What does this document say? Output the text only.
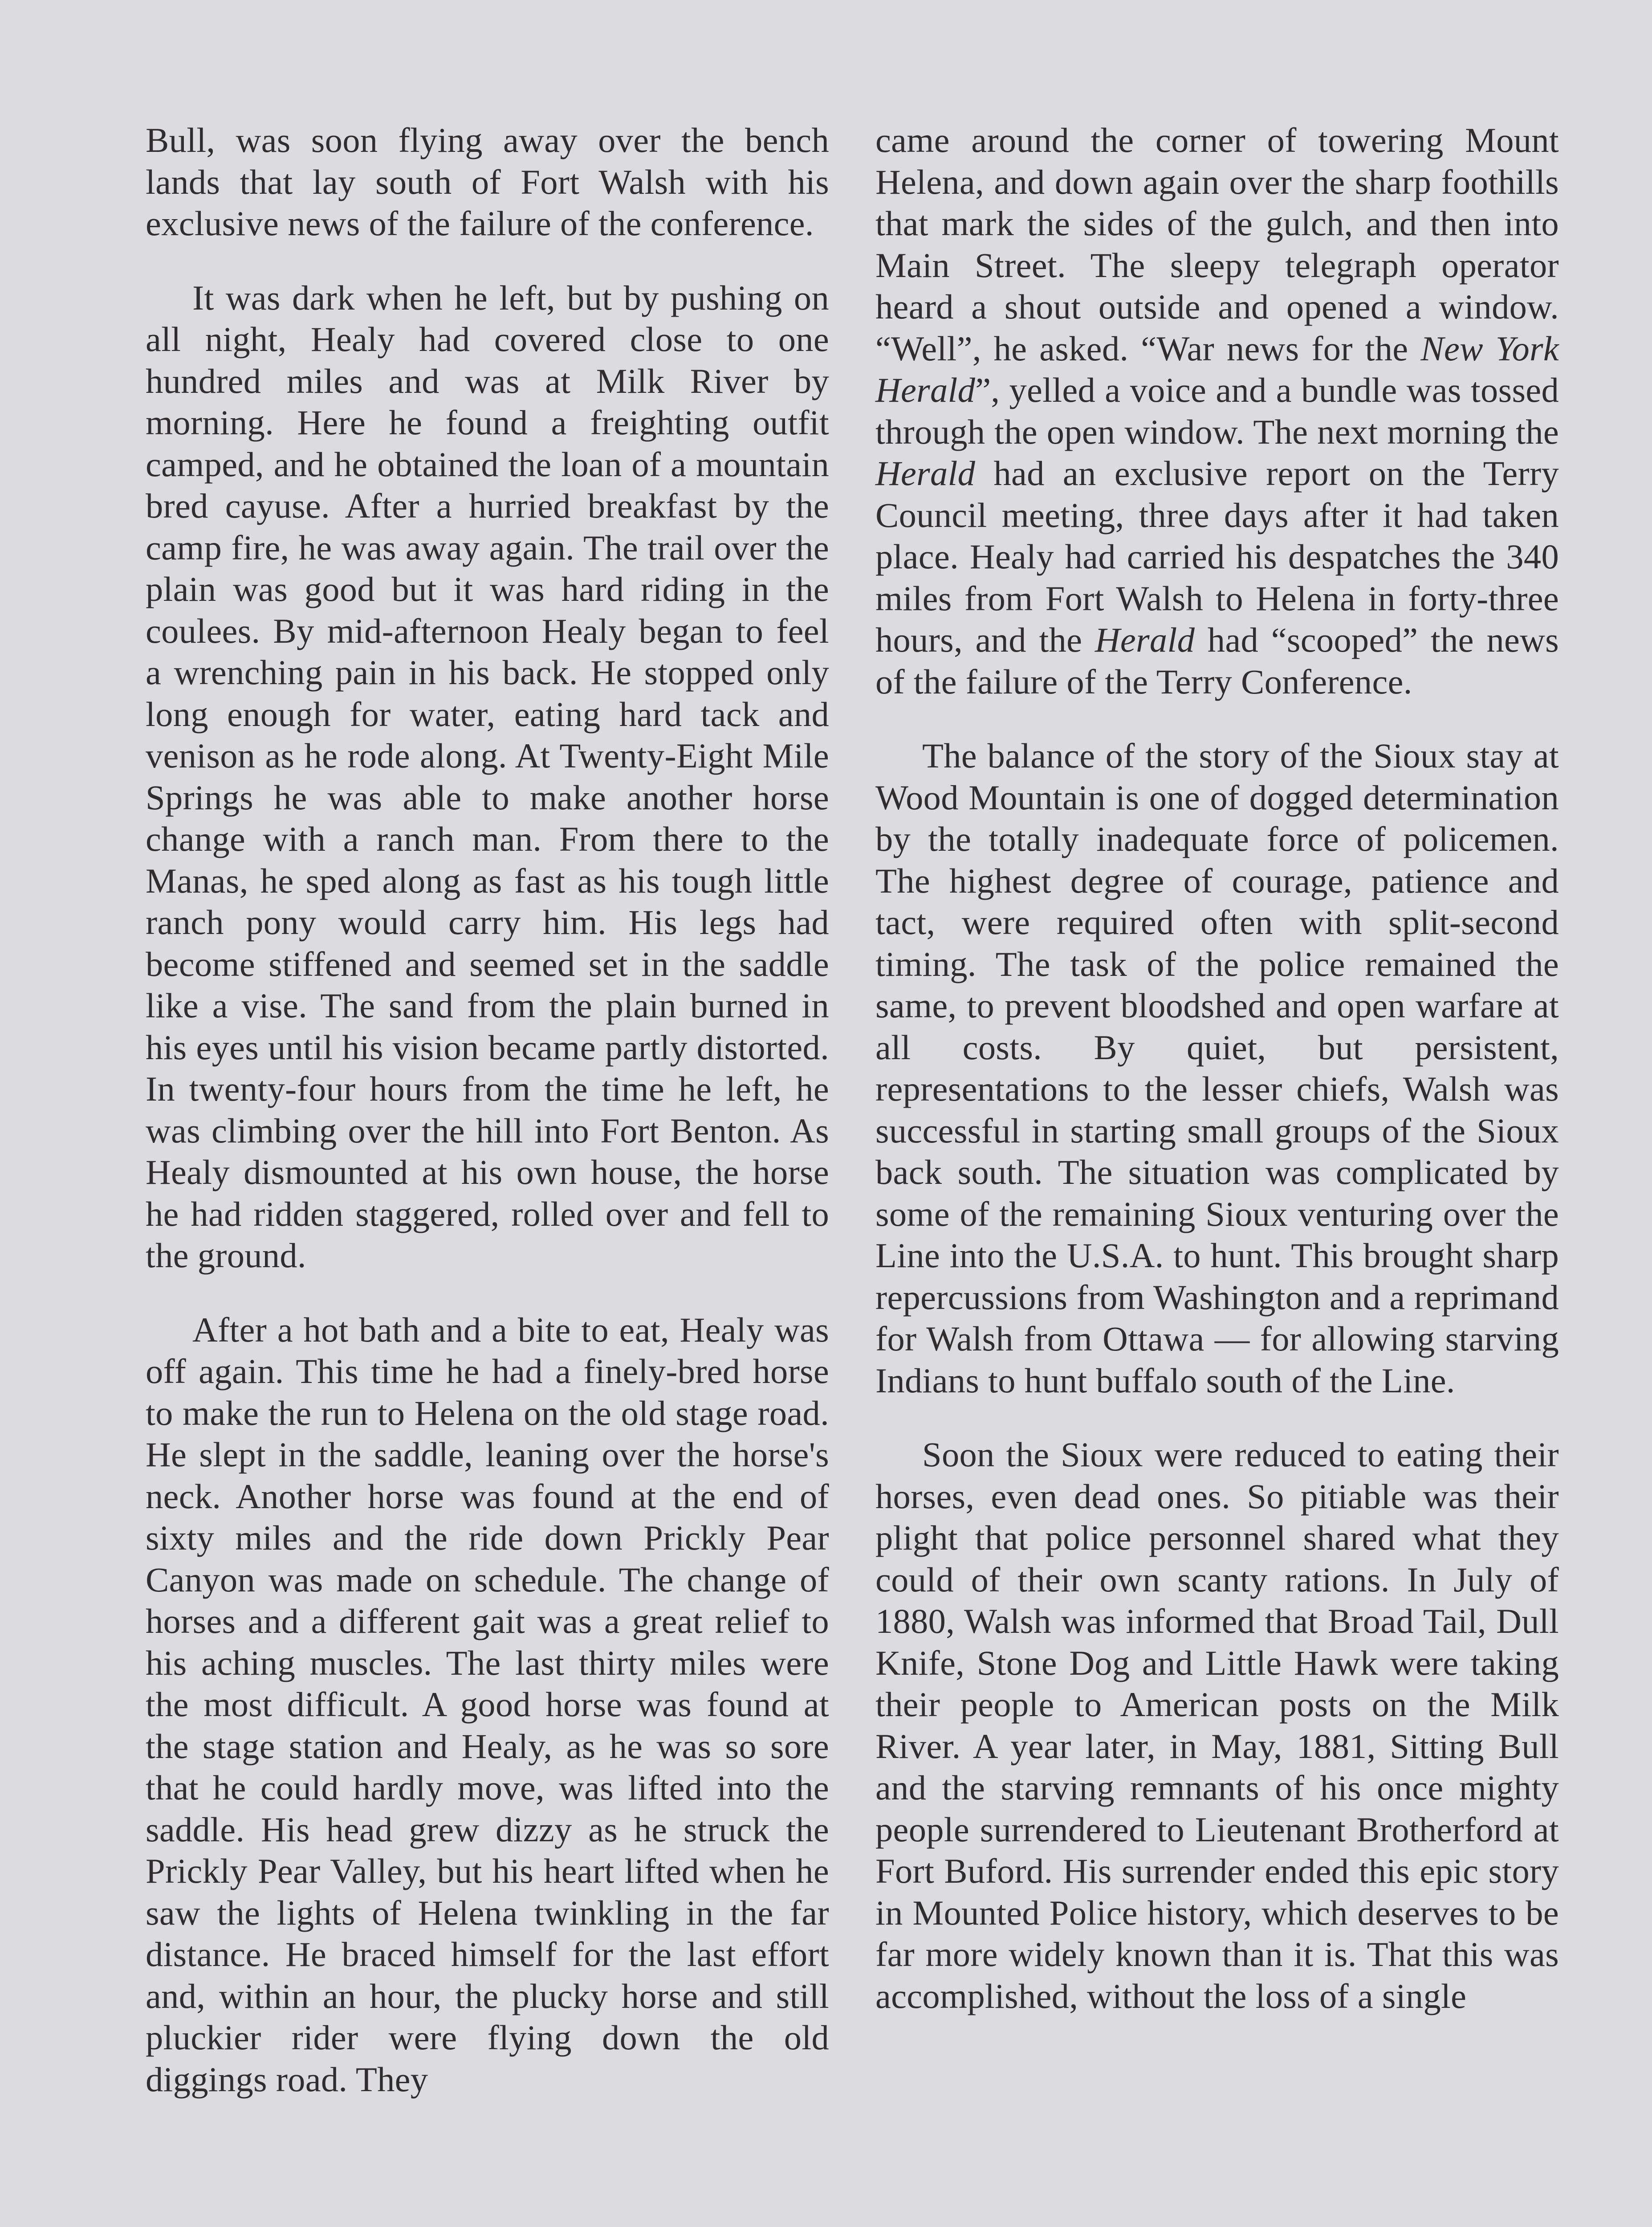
Bull, was soon flying away over the bench lands that lay south of Fort Walsh with his exclusive news of the failure of the conference.

It was dark when he left, but by pushing on all night, Healy had covered close to one hundred miles and was at Milk River by morning. Here he found a freighting outfit camped, and he obtained the loan of a mountain bred cayuse. After a hurried breakfast by the camp fire, he was away again. The trail over the plain was good but it was hard riding in the coulees. By mid-afternoon Healy began to feel a wrenching pain in his back. He stopped only long enough for water, eating hard tack and venison as he rode along. At Twenty-Eight Mile Springs he was able to make another horse change with a ranch man. From there to the Manas, he sped along as fast as his tough little ranch pony would carry him. His legs had become stiffened and seemed set in the saddle like a vise. The sand from the plain burned in his eyes until his vision became partly distorted. In twenty-four hours from the time he left, he was climbing over the hill into Fort Benton. As Healy dismounted at his own house, the horse he had ridden staggered, rolled over and fell to the ground.

After a hot bath and a bite to eat, Healy was off again. This time he had a finely-bred horse to make the run to Helena on the old stage road. He slept in the saddle, leaning over the horse's neck. Another horse was found at the end of sixty miles and the ride down Prickly Pear Canyon was made on schedule. The change of horses and a different gait was a great relief to his aching muscles. The last thirty miles were the most difficult. A good horse was found at the stage station and Healy, as he was so sore that he could hardly move, was lifted into the saddle. His head grew dizzy as he struck the Prickly Pear Valley, but his heart lifted when he saw the lights of Helena twinkling in the far distance. He braced himself for the last effort and, within an hour, the plucky horse and still pluckier rider were flying down the old diggings road. They

came around the corner of towering Mount Helena, and down again over the sharp foothills that mark the sides of the gulch, and then into Main Street. The sleepy telegraph operator heard a shout outside and opened a window. “Well”, he asked. “War news for the New York Herald”, yelled a voice and a bundle was tossed through the open window. The next morning the Herald had an exclusive report on the Terry Council meeting, three days after it had taken place. Healy had carried his despatches the 340 miles from Fort Walsh to Helena in forty-three hours, and the Herald had “scooped” the news of the failure of the Terry Conference.

The balance of the story of the Sioux stay at Wood Mountain is one of dogged determination by the totally inadequate force of policemen. The highest degree of courage, patience and tact, were required often with split-second timing. The task of the police remained the same, to prevent bloodshed and open warfare at all costs. By quiet, but persistent, representations to the lesser chiefs, Walsh was successful in starting small groups of the Sioux back south. The situation was complicated by some of the remaining Sioux venturing over the Line into the U.S.A. to hunt. This brought sharp repercussions from Washington and a reprimand for Walsh from Ottawa — for allowing starving Indians to hunt buffalo south of the Line.

Soon the Sioux were reduced to eating their horses, even dead ones. So pitiable was their plight that police personnel shared what they could of their own scanty rations. In July of 1880, Walsh was informed that Broad Tail, Dull Knife, Stone Dog and Little Hawk were taking their people to American posts on the Milk River. A year later, in May, 1881, Sitting Bull and the starving remnants of his once mighty people surrendered to Lieutenant Brotherford at Fort Buford. His surrender ended this epic story in Mounted Police history, which deserves to be far more widely known than it is. That this was accomplished, without the loss of a single
